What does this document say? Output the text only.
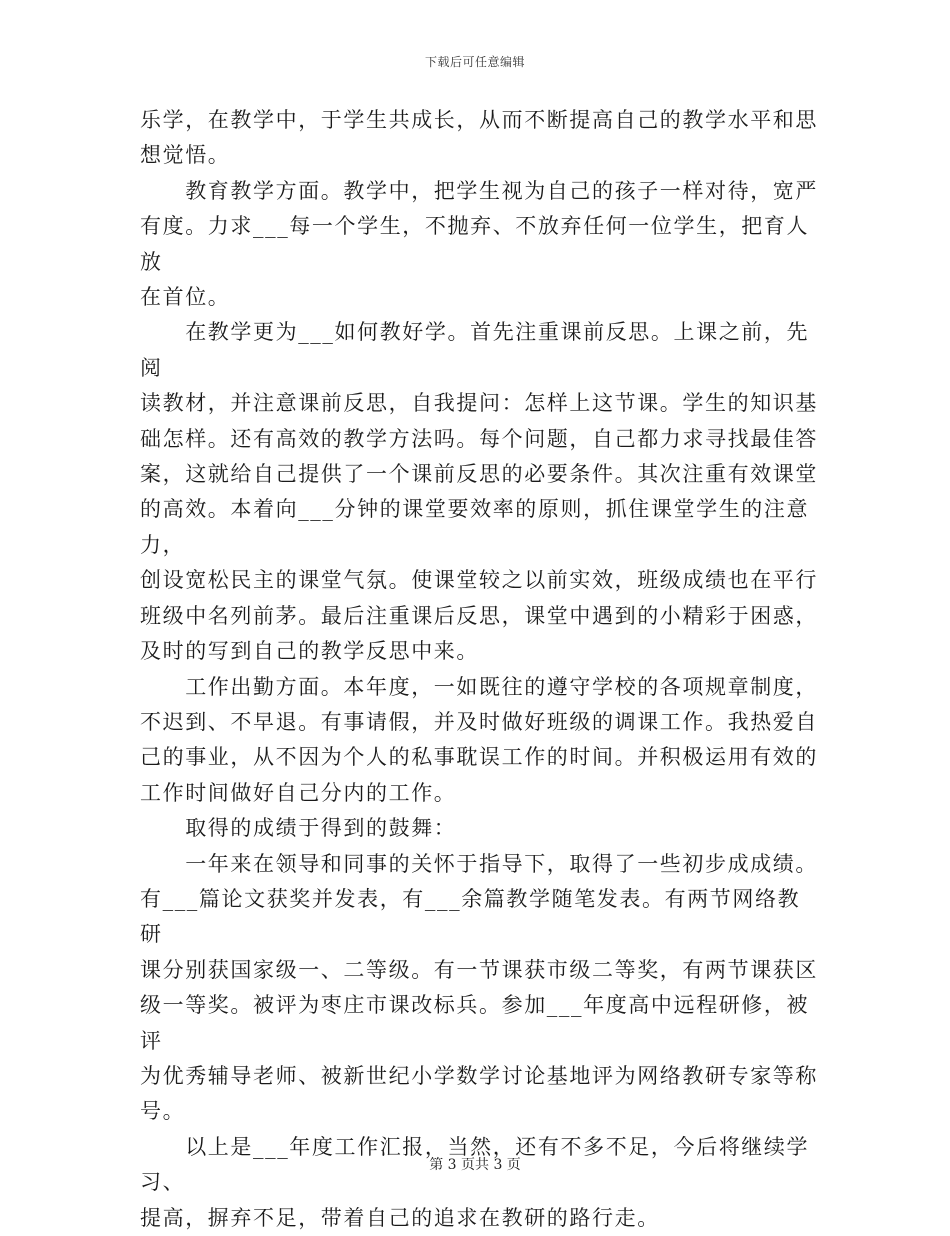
下载后可任意编辑

乐学，在教学中，于学生共成长，从而不断提高自己的教学水平和思

想觉悟。

　　教育教学方面。教学中，把学生视为自己的孩子一样对待，宽严

有度。力求___每一个学生，不抛弃、不放弃任何一位学生，把育人放

在首位。

　　在教学更为___如何教好学。首先注重课前反思。上课之前，先阅

读教材，并注意课前反思，自我提问：怎样上这节课。学生的知识基

础怎样。还有高效的教学方法吗。每个问题，自己都力求寻找最佳答

案，这就给自己提供了一个课前反思的必要条件。其次注重有效课堂

的高效。本着向___分钟的课堂要效率的原则，抓住课堂学生的注意力，

创设宽松民主的课堂气氛。使课堂较之以前实效，班级成绩也在平行

班级中名列前茅。最后注重课后反思，课堂中遇到的小精彩于困惑，

及时的写到自己的教学反思中来。

　　工作出勤方面。本年度，一如既往的遵守学校的各项规章制度，

不迟到、不早退。有事请假，并及时做好班级的调课工作。我热爱自

己的事业，从不因为个人的私事耽误工作的时间。并积极运用有效的

工作时间做好自己分内的工作。

　　取得的成绩于得到的鼓舞：

　　一年来在领导和同事的关怀于指导下，取得了一些初步成成绩。

有___篇论文获奖并发表，有___余篇教学随笔发表。有两节网络教研

课分别获国家级一、二等级。有一节课获市级二等奖，有两节课获区

级一等奖。被评为枣庄市课改标兵。参加___年度高中远程研修，被评

为优秀辅导老师、被新世纪小学数学讨论基地评为网络教研专家等称

号。

　　以上是___年度工作汇报，当然，还有不多不足，今后将继续学习、

提高，摒弃不足，带着自己的追求在教研的路行走。

第 3 页共 3 页
